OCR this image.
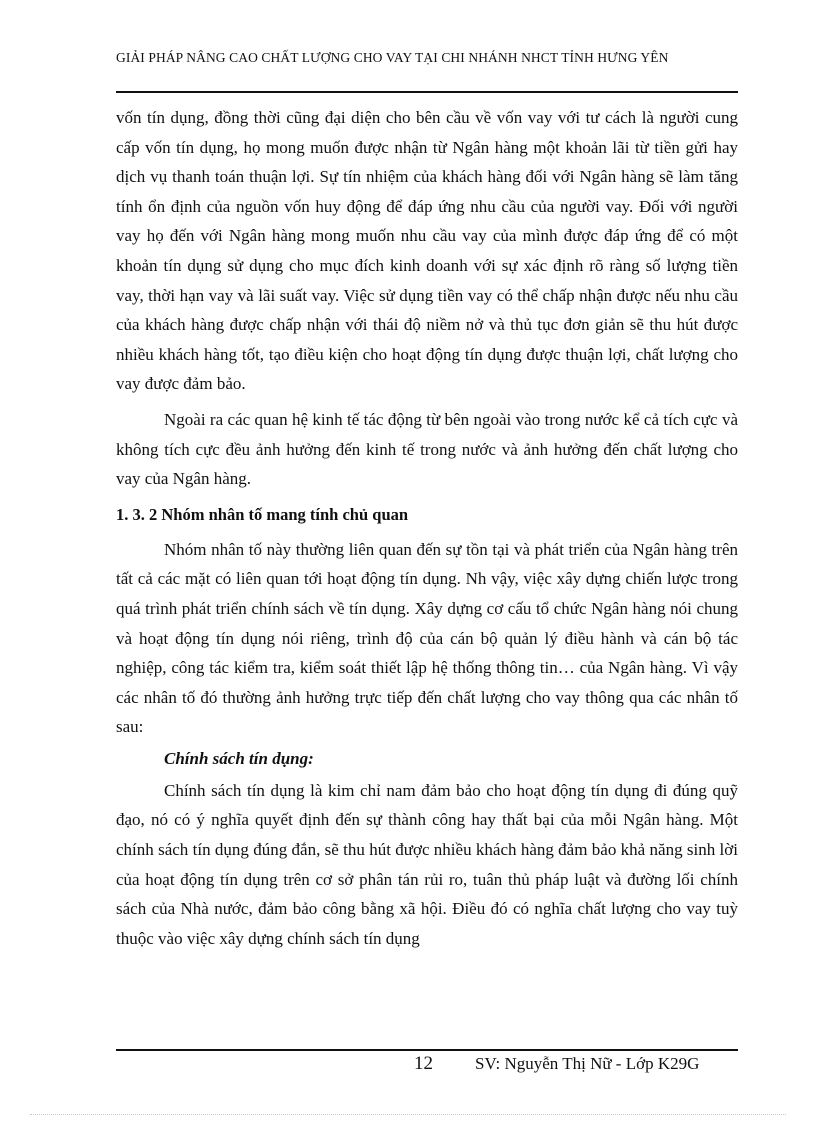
GIẢI PHÁP NÂNG CAO CHẤT LƯỢNG CHO VAY TẠI CHI NHÁNH NHCT TỈNH HƯNG YÊN

vốn tín dụng, đồng thời cũng đại diện cho bên cầu về vốn vay với tư cách là người cung cấp vốn tín dụng, họ mong muốn được nhận từ Ngân hàng một khoản lãi từ tiền gửi hay dịch vụ thanh toán thuận lợi. Sự tín nhiệm của khách hàng đối với Ngân hàng sẽ làm tăng tính ổn định của nguồn vốn huy động để đáp ứng nhu cầu của người vay. Đối với người vay họ đến với Ngân hàng mong muốn nhu cầu vay của mình được đáp ứng để có một khoản tín dụng sử dụng cho mục đích kinh doanh với sự xác định rõ ràng số lượng tiền vay, thời hạn vay và lãi suất vay. Việc sử dụng tiền vay có thể chấp nhận được nếu nhu cầu của khách hàng được chấp nhận với thái độ niềm nở và thủ tục đơn giản sẽ thu hút được nhiều khách hàng tốt, tạo điều kiện cho hoạt động tín dụng được thuận lợi, chất lượng cho vay được đảm bảo.

Ngoài ra các quan hệ kinh tế tác động từ bên ngoài vào trong nước kể cả tích cực và không tích cực đều ảnh hưởng đến kinh tế trong nước và ảnh hưởng đến chất lượng cho vay của Ngân hàng.

1. 3. 2 Nhóm nhân tố mang tính chủ quan

Nhóm nhân tố này thường liên quan đến sự tồn tại và phát triển của Ngân hàng trên tất cả các mặt có liên quan tới hoạt động tín dụng. Nh vậy, việc xây dựng chiến lược trong quá trình phát triển chính sách về tín dụng. Xây dựng cơ cấu tổ chức Ngân hàng nói chung và hoạt động tín dụng nói riêng, trình độ của cán bộ quản lý điều hành và cán bộ tác nghiệp, công tác kiểm tra, kiểm soát thiết lập hệ thống thông tin… của Ngân hàng. Vì vậy các nhân tố đó thường ảnh hưởng trực tiếp đến chất lượng cho vay thông qua các nhân tố sau:

Chính sách tín dụng:

Chính sách tín dụng là kim chỉ nam đảm bảo cho hoạt động tín dụng đi đúng quỹ đạo, nó có ý nghĩa quyết định đến sự thành công hay thất bại của mỗi Ngân hàng. Một chính sách tín dụng đúng đắn, sẽ thu hút được nhiều khách hàng đảm bảo khả năng sinh lời của hoạt động tín dụng trên cơ sở phân tán rủi ro, tuân thủ pháp luật và đường lối chính sách của Nhà nước, đảm bảo công bằng xã hội. Điều đó có nghĩa chất lượng cho vay tuỳ thuộc vào việc xây dựng chính sách tín dụng

12 SV: Nguyễn Thị Nữ - Lớp K29G
